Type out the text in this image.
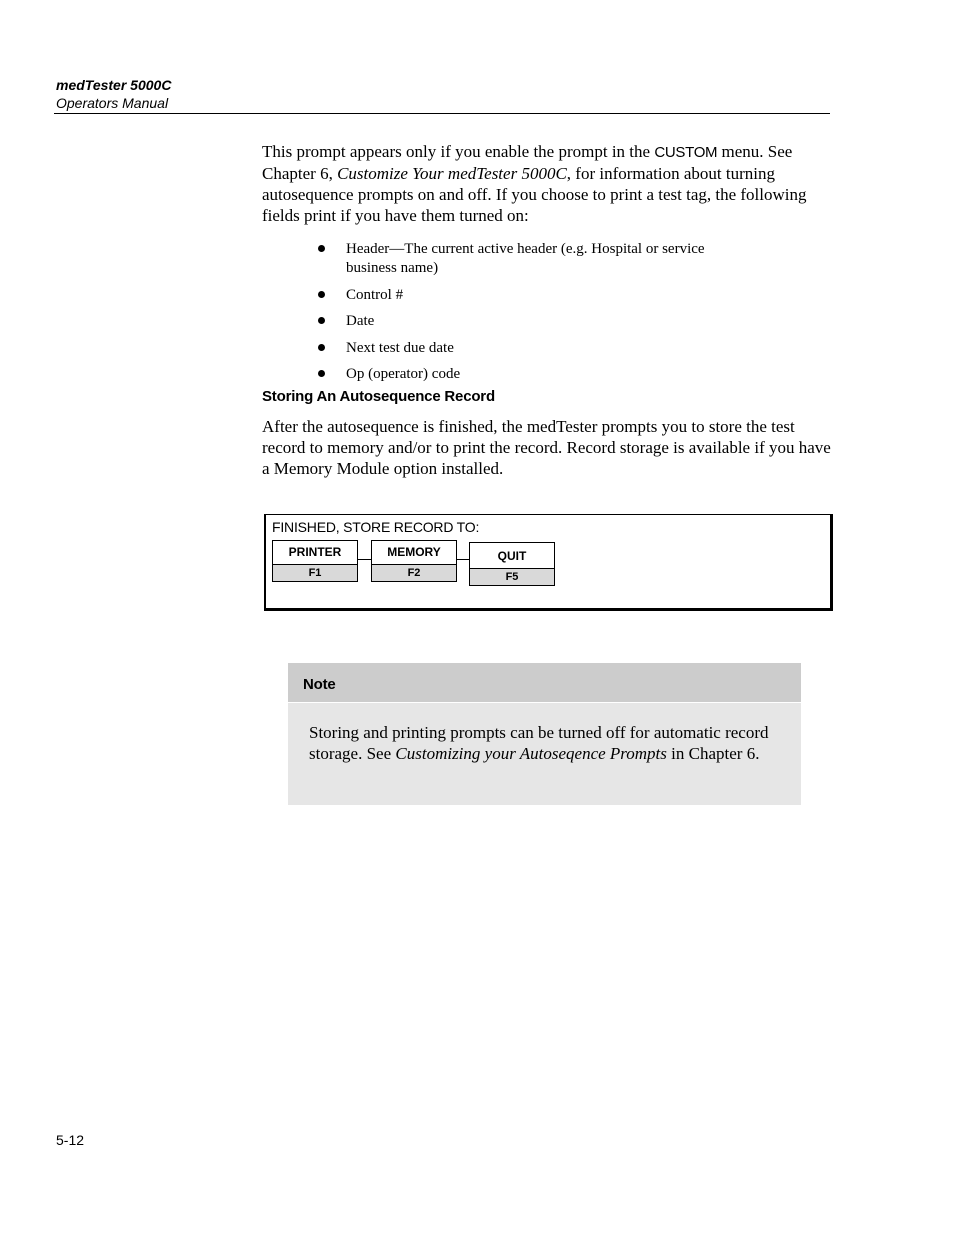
medTester 5000C
Operators Manual
This prompt appears only if you enable the prompt in the CUSTOM menu. See Chapter 6, Customize Your medTester 5000C, for information about turning autosequence prompts on and off. If you choose to print a test tag, the following fields print if you have them turned on:
Header—The current active header (e.g. Hospital or service business name)
Control #
Date
Next test due date
Op (operator) code
Storing An Autosequence Record
After the autosequence is finished, the medTester prompts you to store the test record to memory and/or to print the record. Record storage is available if you have a Memory Module option installed.
FINISHED, STORE RECORD TO:
PRINTER
F1
MEMORY
F2
QUIT
F5
Note
Storing and printing prompts can be turned off for automatic record storage. See Customizing your Autoseqence Prompts in Chapter 6.
5-12
